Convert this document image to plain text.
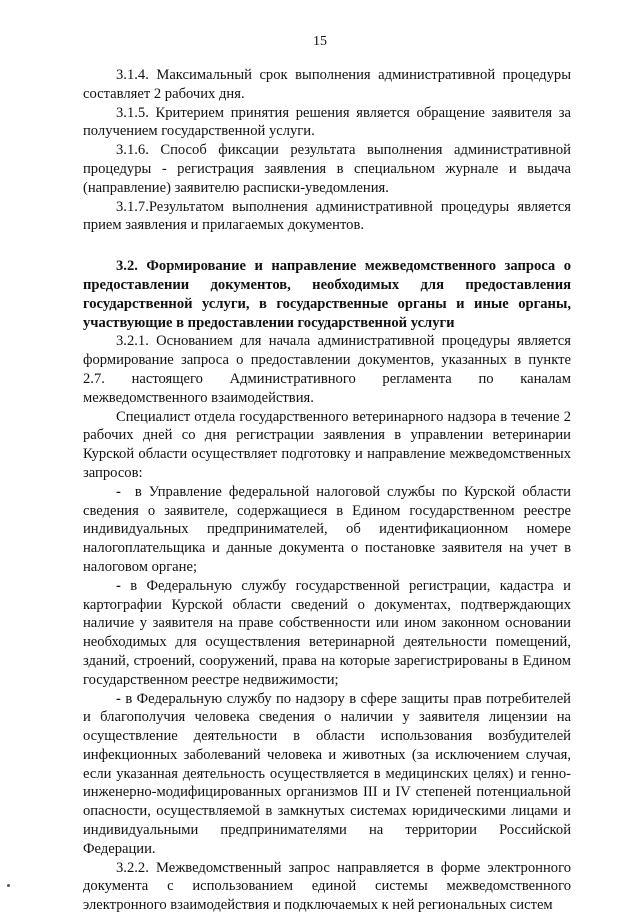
15

3.1.4. Максимальный срок выполнения административной процедуры составляет 2 рабочих дня.

3.1.5. Критерием принятия решения является обращение заявителя за получением государственной услуги.

3.1.6. Способ фиксации результата выполнения административной процедуры - регистрация заявления в специальном журнале и выдача (направление) заявителю расписки-уведомления.

3.1.7.Результатом выполнения административной процедуры является прием заявления и прилагаемых документов.

3.2. Формирование и направление межведомственного запроса о предоставлении документов, необходимых для предоставления государственной услуги, в государственные органы и иные органы, участвующие в предоставлении государственной услуги

3.2.1. Основанием для начала административной процедуры является формирование запроса о предоставлении документов, указанных в пункте 2.7. настоящего Административного регламента по каналам межведомственного взаимодействия.

Специалист отдела государственного ветеринарного надзора в течение 2 рабочих дней со дня регистрации заявления в управлении ветеринарии Курской области осуществляет подготовку и направление межведомственных запросов:

- в Управление федеральной налоговой службы по Курской области сведения о заявителе, содержащиеся в Едином государственном реестре индивидуальных предпринимателей, об идентификационном номере налогоплательщика и данные документа о постановке заявителя на учет в налоговом органе;

- в Федеральную службу государственной регистрации, кадастра и картографии Курской области сведений о документах, подтверждающих наличие у заявителя на праве собственности или ином законном основании необходимых для осуществления ветеринарной деятельности помещений, зданий, строений, сооружений, права на которые зарегистрированы в Едином государственном реестре недвижимости;

- в Федеральную службу по надзору в сфере защиты прав потребителей и благополучия человека сведения о наличии у заявителя лицензии на осуществление деятельности в области использования возбудителей инфекционных заболеваний человека и животных (за исключением случая, если указанная деятельность осуществляется в медицинских целях) и генно-инженерно-модифицированных организмов III и IV степеней потенциальной опасности, осуществляемой в замкнутых системах юридическими лицами и индивидуальными предпринимателями на территории Российской Федерации.

3.2.2. Межведомственный запрос направляется в форме электронного документа с использованием единой системы межведомственного электронного взаимодействия и подключаемых к ней региональных систем
